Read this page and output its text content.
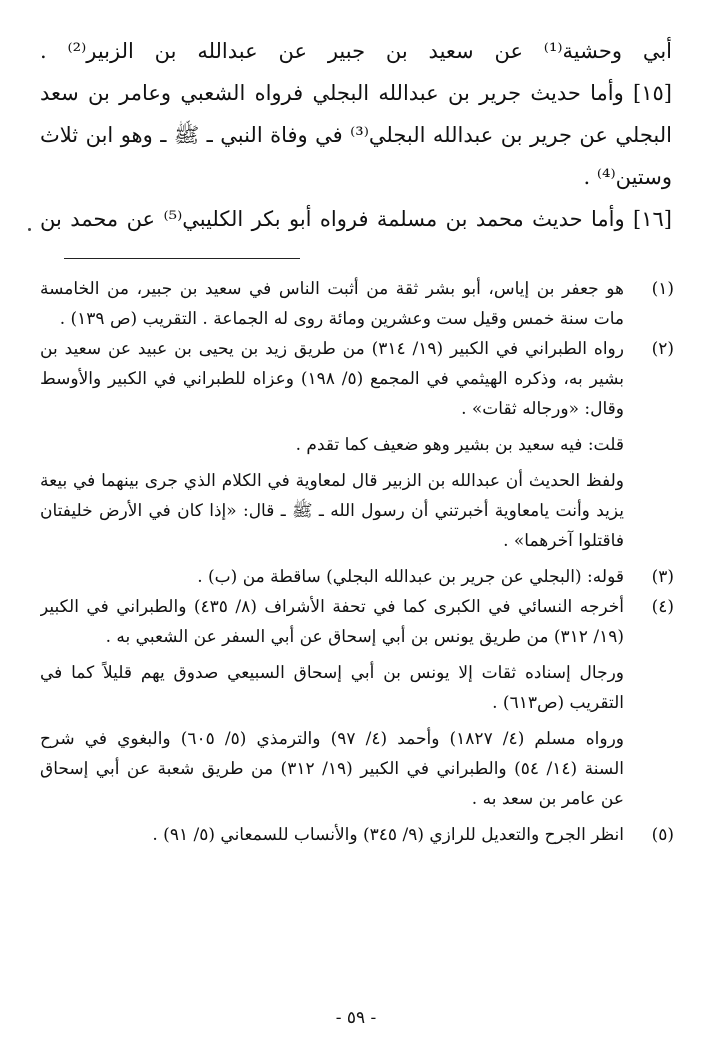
أبي وحشية⁽¹⁾ عن سعيد بن جبير عن عبدالله بن الزبير⁽²⁾ .
[١٥] وأما حديث جرير بن عبدالله البجلي فرواه الشعبي وعامر بن سعد
البجلي عن جرير بن عبدالله البجلي⁽³⁾ في وفاة النبي ـ ﷺ ـ وهو ابن ثلاث
وستين⁽⁴⁾ .
[١٦] وأما حديث محمد بن مسلمة فرواه أبو بكر الكليبي⁽⁵⁾ عن محمد بن
(١)
هو جعفر بن إياس، أبو بشر ثقة من أثبت الناس في سعيد بن جبير، من الخامسة
مات سنة خمس وقيل ست وعشرين ومائة روى له الجماعة . التقريب (ص ١٣٩) .
(٢)
رواه الطبراني في الكبير (١٩/ ٣١٤) من طريق زيد بن يحيى بن عبيد عن سعيد بن
بشير به، وذكره الهيثمي في المجمع (٥/ ١٩٨) وعزاه للطبراني في الكبير والأوسط
وقال: «ورجاله ثقات» .
قلت: فيه سعيد بن بشير وهو ضعيف كما تقدم .
ولفظ الحديث أن عبدالله بن الزبير قال لمعاوية في الكلام الذي جرى بينهما في بيعة
يزيد وأنت يامعاوية أخبرتني أن رسول الله ـ ﷺ ـ قال: «إذا كان في الأرض خليفتان
فاقتلوا آخرهما» .
(٣)
قوله: (البجلي عن جرير بن عبدالله البجلي) ساقطة من (ب) .
(٤)
أخرجه النسائي في الكبرى كما في تحفة الأشراف (٨/ ٤٣٥) والطبراني في الكبير
(١٩/ ٣١٢) من طريق يونس بن أبي إسحاق عن أبي السفر عن الشعبي به .
ورجال إسناده ثقات إلا يونس بن أبي إسحاق السبيعي صدوق يهم قليلاً كما في
التقريب (ص٦١٣) .
ورواه مسلم (٤/ ١٨٢٧) وأحمد (٤/ ٩٧) والترمذي (٥/ ٦٠٥) والبغوي في شرح
السنة (١٤/ ٥٤) والطبراني في الكبير (١٩/ ٣١٢) من طريق شعبة عن أبي إسحاق
عن عامر بن سعد به .
(٥)
انظر الجرح والتعديل للرازي (٩/ ٣٤٥) والأنساب للسمعاني (٥/ ٩١) .
- ٥٩ -
